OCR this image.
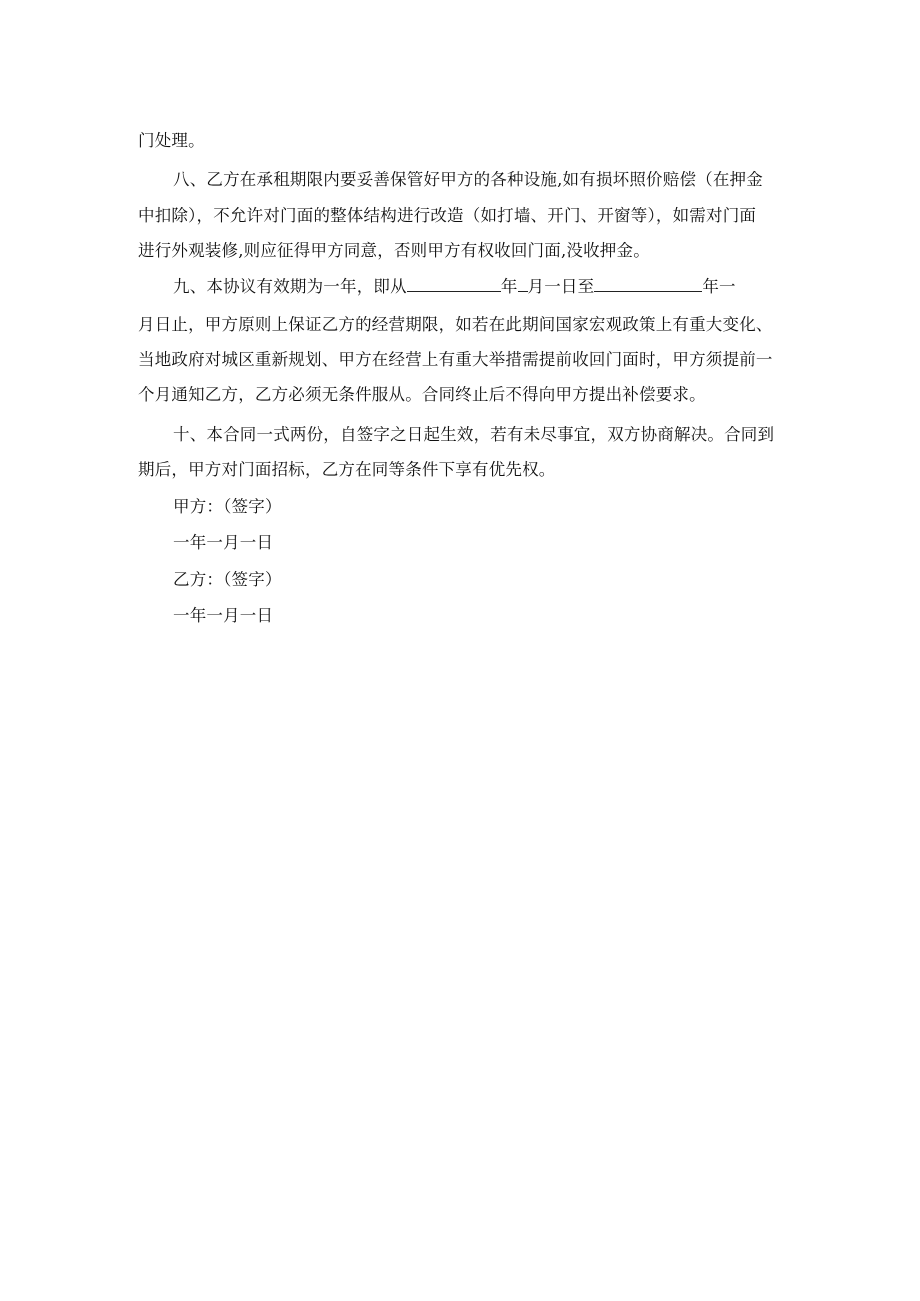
门处理。
八、乙方在承租期限内要妥善保管好甲方的各种设施,如有损坏照价赔偿（在押金
中扣除），不允许对门面的整体结构进行改造（如打墙、开门、开窗等），如需对门面
进行外观装修,则应征得甲方同意，否则甲方有权收回门面,没收押金。
九、本协议有效期为一年，即从	年 月一日至	年一
月日止，甲方原则上保证乙方的经营期限，如若在此期间国家宏观政策上有重大变化、
当地政府对城区重新规划、甲方在经营上有重大举措需提前收回门面时，甲方须提前一
个月通知乙方，乙方必须无条件服从。合同终止后不得向甲方提出补偿要求。
十、本合同一式两份，自签字之日起生效，若有未尽事宜，双方协商解决。合同到
期后，甲方对门面招标，乙方在同等条件下享有优先权。
甲方：（签字）
一年一月一日
乙方：（签字）
一年一月一日
